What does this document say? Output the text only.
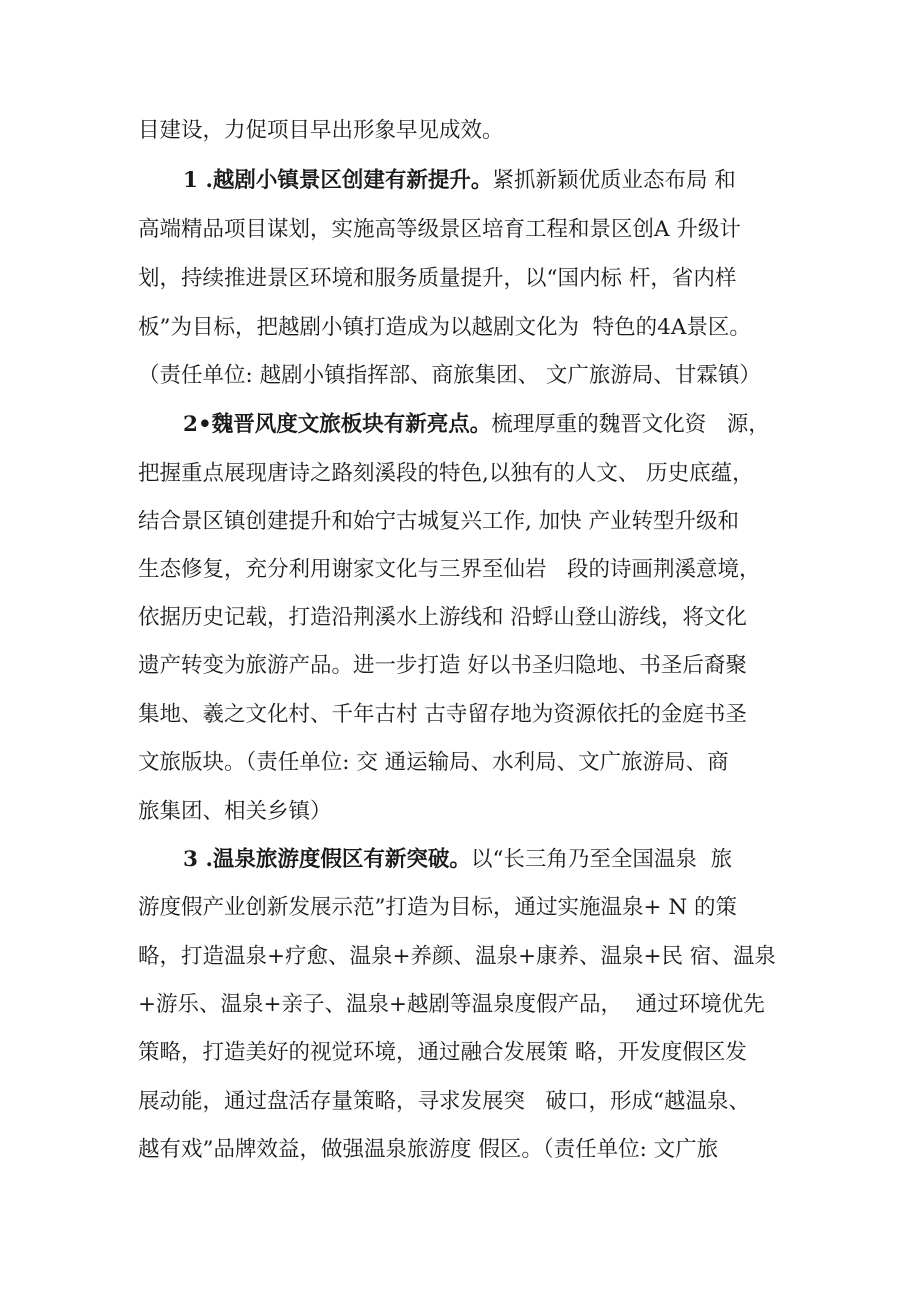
目建设，力促项目早出形象早见成效。
1 .越剧小镇景区创建有新提升。紧抓新颖优质业态布局 和
高端精品项目谋划，实施高等级景区培育工程和景区创A 升级计
划，持续推进景区环境和服务质量提升，以“国内标 杆，省内样
板”为目标，把越剧小镇打造成为以越剧文化为  特色的4A景区。
（责任单位: 越剧小镇指挥部、商旅集团、 文广旅游局、甘霖镇）
2•魏晋风度文旅板块有新亮点。梳理厚重的魏晋文化资   源，
把握重点展现唐诗之路刻溪段的特色,以独有的人文、 历史底蕴，
结合景区镇创建提升和始宁古城复兴工作, 加快 产业转型升级和
生态修复，充分利用谢家文化与三界至仙岩   段的诗画荆溪意境，
依据历史记载，打造沿荆溪水上游线和 沿蜉山登山游线，将文化
遗产转变为旅游产品。进一步打造 好以书圣归隐地、书圣后裔聚
集地、羲之文化村、千年古村 古寺留存地为资源依托的金庭书圣
文旅版块。（责任单位: 交 通运输局、水利局、文广旅游局、商
旅集团、相关乡镇）
3 .温泉旅游度假区有新突破。以“长三角乃至全国温泉  旅
游度假产业创新发展示范”打造为目标，通过实施温泉+ N 的策
略，打造温泉+疗愈、温泉+养颜、温泉+康养、温泉+民 宿、温泉
+游乐、温泉+亲子、温泉+越剧等温泉度假产品，  通过环境优先
策略，打造美好的视觉环境，通过融合发展策 略，开发度假区发
展动能，通过盘活存量策略，寻求发展突   破口，形成“越温泉、
越有戏”品牌效益，做强温泉旅游度 假区。（责任单位: 文广旅
